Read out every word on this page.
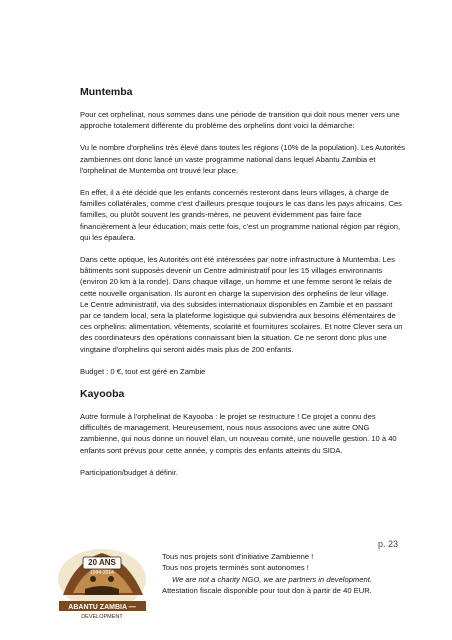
Muntemba

Pour cet orphelinat, nous sommes dans une période de transition qui doit nous mener vers une approche totalement différente du problème des orphelins dont voici la démarche:

Vu le nombre d'orphelins très élevé dans toutes les régions (10% de la population). Les Autorités zambiennes ont donc lancé un vaste programme national dans lequel Abantu Zambia et l'orphelinat de Muntemba ont trouvé leur place.

En effet, il a été décidé que les enfants concernés resteront dans leurs villages, à charge de familles collatérales, comme c'est d'ailleurs presque toujours le cas dans les pays africains. Ces familles, ou plutôt souvent les grands-mères, ne peuvent évidemment pas faire face financièrement à leur éducation; mais cette fois, c'est un programme national région par région, qui les épaulera.

Dans cette optique, les Autorités ont été intéressées par notre infrastructure à Muntemba. Les bâtiments sont supposés devenir un Centre administratif pour les 15 villages environnants (environ 20 km à la ronde). Dans chaque village, un homme et une femme seront le relais de cette nouvelle organisation. Ils auront en charge la supervision des orphelins de leur village.
Le Centre administratif, via des subsides internationaux disponibles en Zambie et en passant par ce tandem local, sera la plateforme logistique qui subviendra aux besoins élémentaires de ces orphelins: alimentation, vêtements, scolarité et fournitures scolaires. Et notre Clever sera un des coordinateurs des opérations connaissant bien la situation. Ce ne seront donc plus une vingtaine d'orphelins qui seront aidés mais plus de 200 enfants.

Budget : 0 €, tout est géré en Zambie

Kayooba

Autre formule à l'orphelinat de Kayooba : le projet se restructure ! Ce projet a connu des difficultés de management. Heureusement, nous nous associons avec une autre ONG zambienne, qui nous donne un nouvel élan, un nouveau comité, une nouvelle gestion. 10 à 40 enfants sont prévus pour cette année, y compris des enfants atteints du SIDA.

Participation/budget à définir.

20 ANS
1994-2014
ABANTU ZAMBIA —
DEVELOPMENT
p. 23
Tous nos projets sont d'initiative Zambienne !
Tous nos projets terminés sont autonomes !
We are not a charity NGO, we are partners in development.
Attestation fiscale disponible pour tout don à partir de 40 EUR.
